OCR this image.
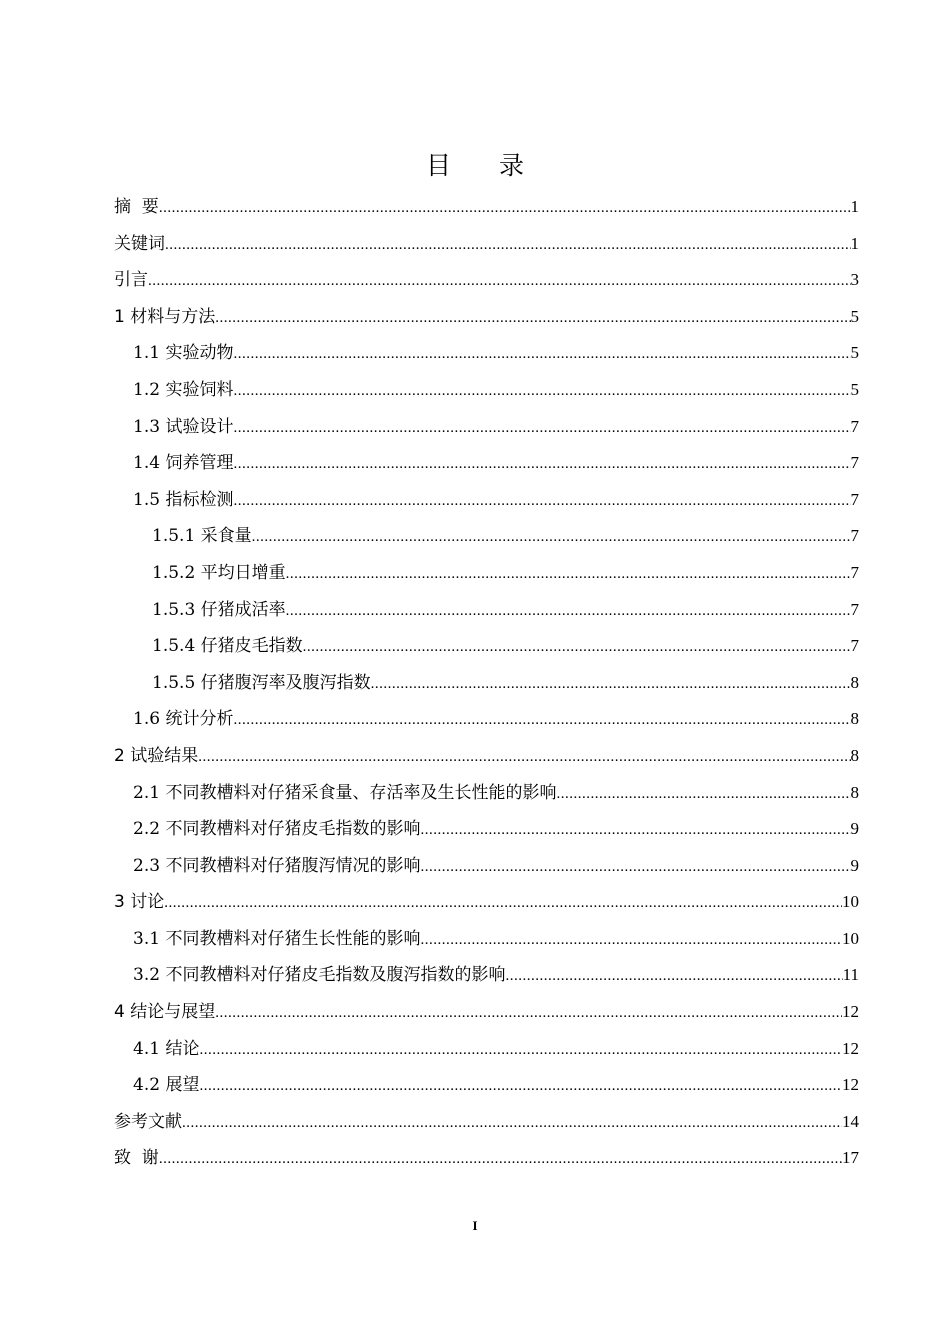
目录
摘  要 .....	1
关键词 .....	1
引言 .....	3
1 材料与方法 .....	5
1.1 实验动物 .....	5
1.2 实验饲料 .....	5
1.3 试验设计 .....	7
1.4 饲养管理 .....	7
1.5 指标检测 .....	7
1.5.1 采食量 .....	7
1.5.2 平均日增重 .....	7
1.5.3 仔猪成活率 .....	7
1.5.4 仔猪皮毛指数 .....	7
1.5.5 仔猪腹泻率及腹泻指数 .....	8
1.6 统计分析 .....	8
2 试验结果 .....	8
2.1 不同教槽料对仔猪采食量、存活率及生长性能的影响 .....	8
2.2 不同教槽料对仔猪皮毛指数的影响 .....	9
2.3 不同教槽料对仔猪腹泻情况的影响 .....	9
3 讨论 .....	10
3.1 不同教槽料对仔猪生长性能的影响 .....	10
3.2 不同教槽料对仔猪皮毛指数及腹泻指数的影响 .....	11
4 结论与展望 .....	12
4.1 结论 .....	12
4.2 展望 .....	12
参考文献 .....	14
致  谢 .....	17
I
